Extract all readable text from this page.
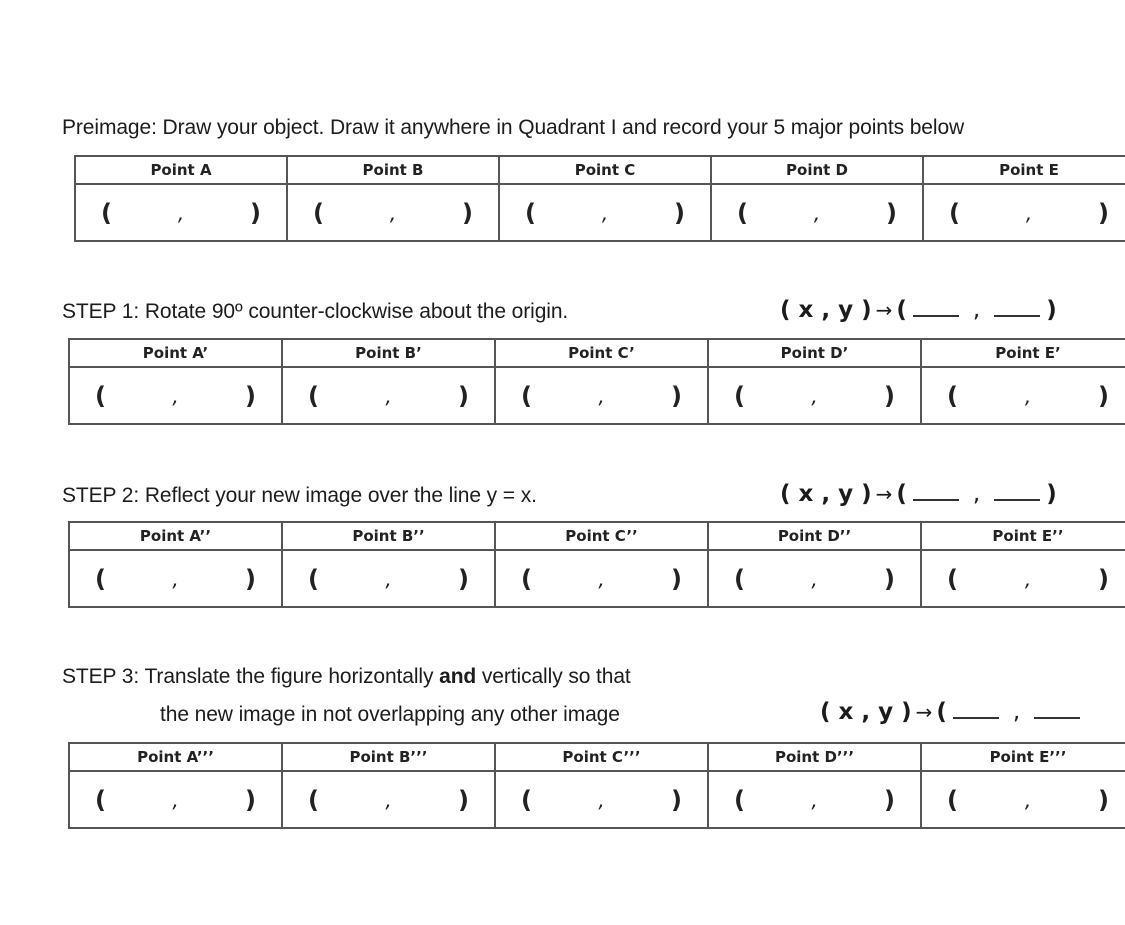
Preimage: Draw your object. Draw it anywhere in Quadrant I and record your 5 major points below
Point A	Point B	Point C	Point D	Point E

( , )	( , )	( , )	( , )	( , )
STEP 1: Rotate 90º counter-clockwise about the origin.	( x , y ) → (	,	)
Point A’	Point B’	Point C’	Point D’	Point E’

( , )	( , )	( , )	( , )	( , )
STEP 2: Reflect your new image over the line y = x.	( x , y ) → (	,	)
Point A’’	Point B’’	Point C’’	Point D’’	Point E’’

( , )	( , )	( , )	( , )	( , )
STEP 3: Translate the figure horizontally and vertically so that
the new image in not overlapping any other image	( x , y ) → (	,
Point A’’’	Point B’’’	Point C’’’	Point D’’’	Point E’’’

( , )	( , )	( , )	( , )	( , )
